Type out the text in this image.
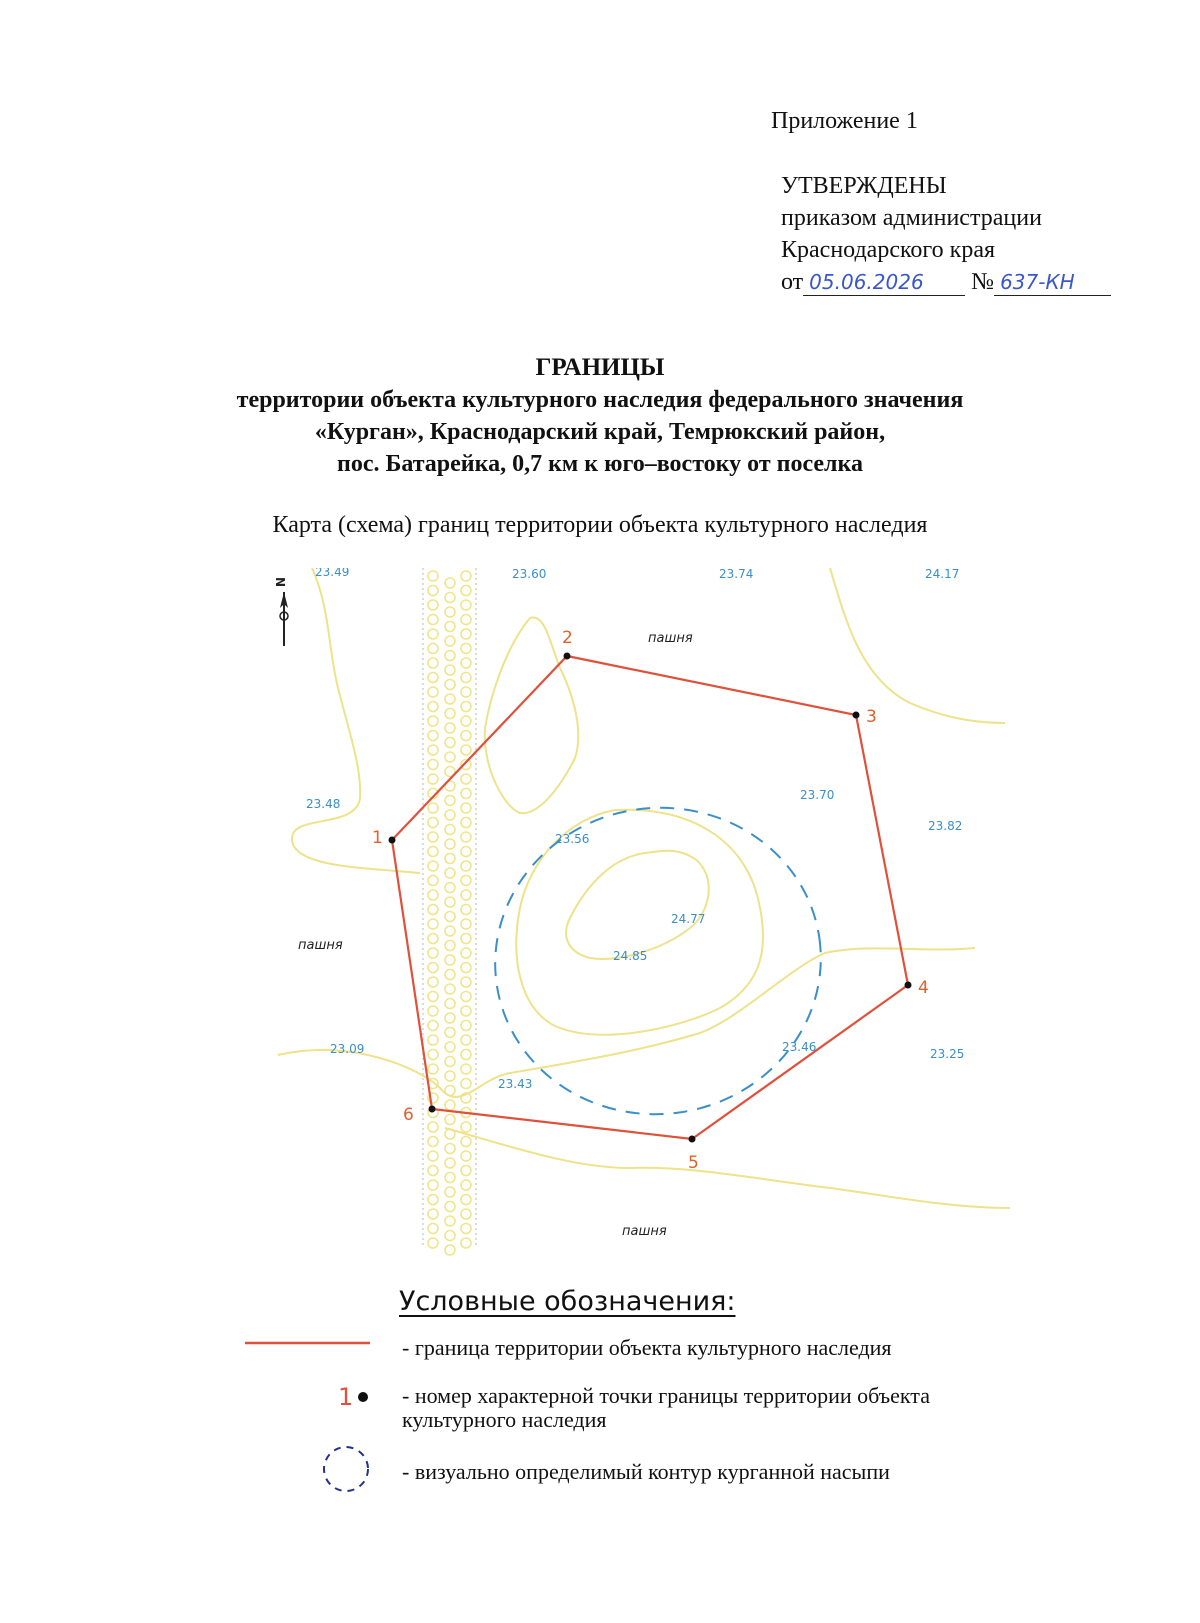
Приложение 1
УТВЕРЖДЕНЫ
приказом администрации
Краснодарского края
от 05.06.2026 № 637-КН
ГРАНИЦЫ
территории объекта культурного наследия федерального значения
«Курган», Краснодарский край, Темрюкский район,
пос. Батарейка, 0,7 км к юго–востоку от поселка
Карта (схема) границ территории объекта культурного наследия
N
1
2
3
4
5
6
23.49	23.60	23.74	24.17
23.48
23.82
23.70
23.56
24.77
24.85
23.09	23.46	23.25
23.43
пашня
пашня
пашня
Условные обозначения:
- граница территории объекта культурного наследия
1 - номер характерной точки границы территории объекта культурного наследия
- визуально определимый контур курганной насыпи
